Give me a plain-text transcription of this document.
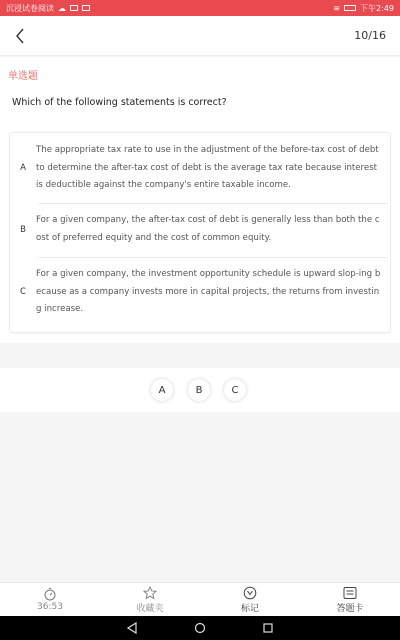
沉浸试卷阅读 ☁	≋	下午2:49
10/16
单选题
Which of the following statements is correct?
A
The appropriate tax rate to use in the adjustment of the before-tax cost of debt to determine the after-tax cost of debt is the average tax rate because interest is deductible against the company's entire taxable income.
B
For a given company, the after-tax cost of debt is generally less than both the cost of preferred equity and the cost of common equity.
C
For a given company, the investment opportunity schedule is upward slop-ing because as a company invests more in capital projects, the returns from investing increase.
A	B	C
36:53	收藏夹	标记	答题卡
